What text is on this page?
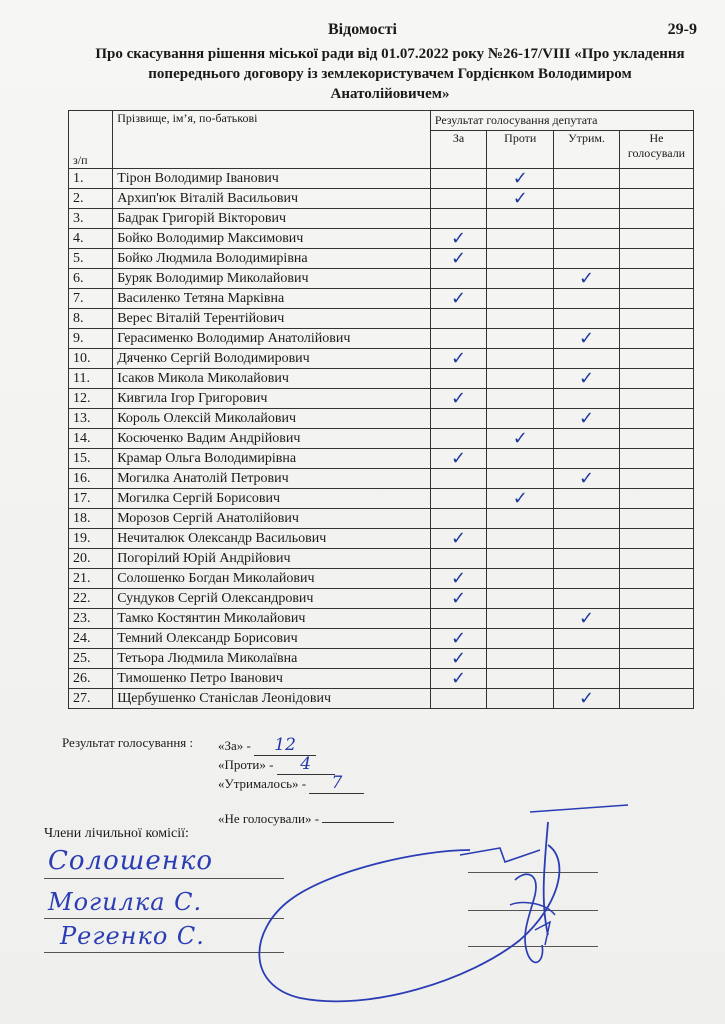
Відомості	29-9
Про скасування рішення міської ради від 01.07.2022 року №26-17/VIII «Про укладення попереднього договору із землекористувачем Гордієнком Володимиром Анатолійовичем»
з/п	Прізвище, ім’я, по-батькові	Результат голосування депутата			
		За	Проти	Утрим.	Не голосували
1.	Тірон Володимир Іванович		✓		
2.	Архип'юк Віталій Васильович		✓		
3.	Бадрак Григорій Вікторович				
4.	Бойко Володимир Максимович	✓			
5.	Бойко Людмила Володимирівна	✓			
6.	Буряк Володимир Миколайович			✓	
7.	Василенко Тетяна Марківна	✓			
8.	Верес Віталій Терентійович				
9.	Герасименко Володимир Анатолійович			✓	
10.	Дяченко Сергій Володимирович	✓			
11.	Ісаков Микола Миколайович			✓	
12.	Кивгила Ігор Григорович	✓			
13.	Король Олексій Миколайович			✓	
14.	Косюченко Вадим Андрійович		✓		
15.	Крамар Ольга Володимирівна	✓			
16.	Могилка Анатолій Петрович			✓	
17.	Могилка Сергій Борисович		✓		
18.	Морозов Сергій Анатолійович				
19.	Нечиталюк Олександр Васильович	✓			
20.	Погорілий Юрій Андрійович				
21.	Солошенко Богдан Миколайович	✓			
22.	Сундуков Сергій Олександрович	✓			
23.	Тамко Костянтин Миколайович			✓	
24.	Темний Олександр Борисович	✓			
25.	Тетьора Людмила Миколаївна	✓			
26.	Тимошенко Петро Іванович	✓			
27.	Щербушенко Станіслав Леонідович			✓	
Результат голосування : «За» - 12
«Проти» - 4
«Утрималось» - 7
«Не голосували» -
Члени лічильної комісії:
Солошенко
Могилка С.
Регенко С.
